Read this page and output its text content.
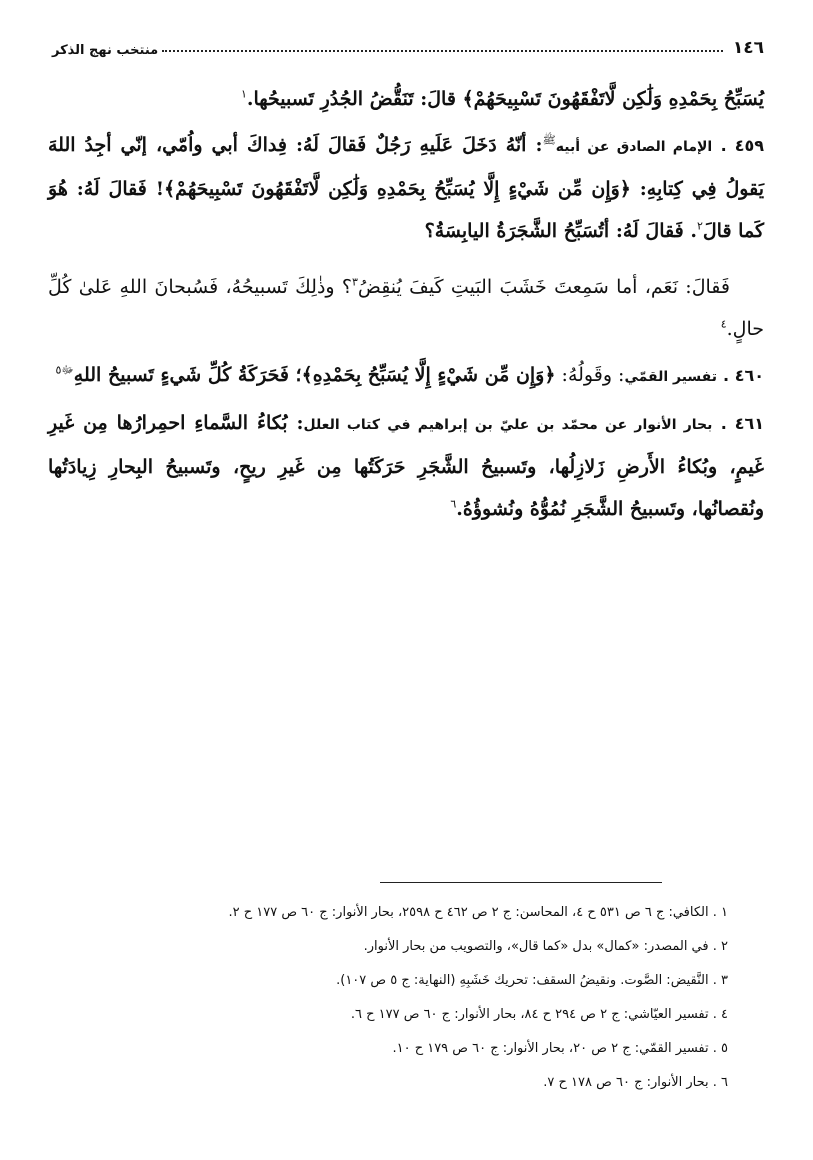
١٤٦
منتخب نهج الذكر

يُسَبِّحُ بِحَمْدِهِ وَلَٰكِن لَّاتَفْقَهُونَ تَسْبِيحَهُمْ﴾ قالَ: تَنَقُّضُ الجُدُرِ تَسبيحُها.$^١$

٤٥٩ . الإمام الصادق عن أبيه$^ﷺ$: أنّهُ دَخَلَ عَلَيهِ رَجُلٌ فَقالَ لَهُ: فِداكَ أبي واُمّي، إنّي أجِدُ اللهَ يَقولُ فِي كِتابِهِ: ﴿وَإِن مِّن شَيْءٍ إِلَّا يُسَبِّحُ بِحَمْدِهِ وَلَٰكِن لَّاتَفْقَهُونَ تَسْبِيحَهُمْ﴾! فَقالَ لَهُ: هُوَ كَما قالَ$^٢$. فَقالَ لَهُ: أتُسَبِّحُ الشَّجَرَةُ اليابِسَةُ؟

فَقالَ: نَعَم، أما سَمِعتَ خَشَبَ البَيتِ كَيفَ يُنقِضُ$^٣$؟ وذٰلِكَ تَسبيحُهُ، فَسُبحانَ اللهِ عَلىٰ كُلِّ حالٍ.$^٤$

٤٦٠ . تفسير القمّي: وقَولُهُ: ﴿وَإِن مِّن شَيْءٍ إِلَّا يُسَبِّحُ بِحَمْدِهِ﴾؛ فَحَرَكَةُ كُلِّ شَيءٍ تَسبيحُ اللهِ$^{ﷻ٥}$

٤٦١ . بحار الأنوار عن محمّد بن عليّ بن إبراهيم في كتاب العلل: بُكاءُ السَّماءِ احمِرارُها مِن غَيرِ غَيمٍ، وبُكاءُ الأَرضِ زَلازِلُها، وتَسبيحُ الشَّجَرِ حَرَكَتُها مِن غَيرِ ريحٍ، وتَسبيحُ البِحارِ زِيادَتُها ونُقصانُها، وتَسبيحُ الشَّجَرِ نُمُوُّهُ ونُشوؤُهُ.$^٦$

١ . الكافي: ج ٦ ص ٥٣١ ح ٤، المحاسن: ج ٢ ص ٤٦٢ ح ٢٥٩٨، بحار الأنوار: ج ٦٠ ص ١٧٧ ح ٢.
٢ . في المصدر: «كمال» بدل «كما قال»، والتصويب من بحار الأنوار.
٣ . النَّقيض: الصَّوت. ونقيضُ السقف: تحريك خَشَبِهِ (النهاية: ج ٥ ص ١٠٧).
٤ . تفسير العيّاشي: ج ٢ ص ٢٩٤ ح ٨٤، بحار الأنوار: ج ٦٠ ص ١٧٧ ح ٦.
٥ . تفسير القمّي: ج ٢ ص ٢٠، بحار الأنوار: ج ٦٠ ص ١٧٩ ح ١٠.
٦ . بحار الأنوار: ج ٦٠ ص ١٧٨ ح ٧.
